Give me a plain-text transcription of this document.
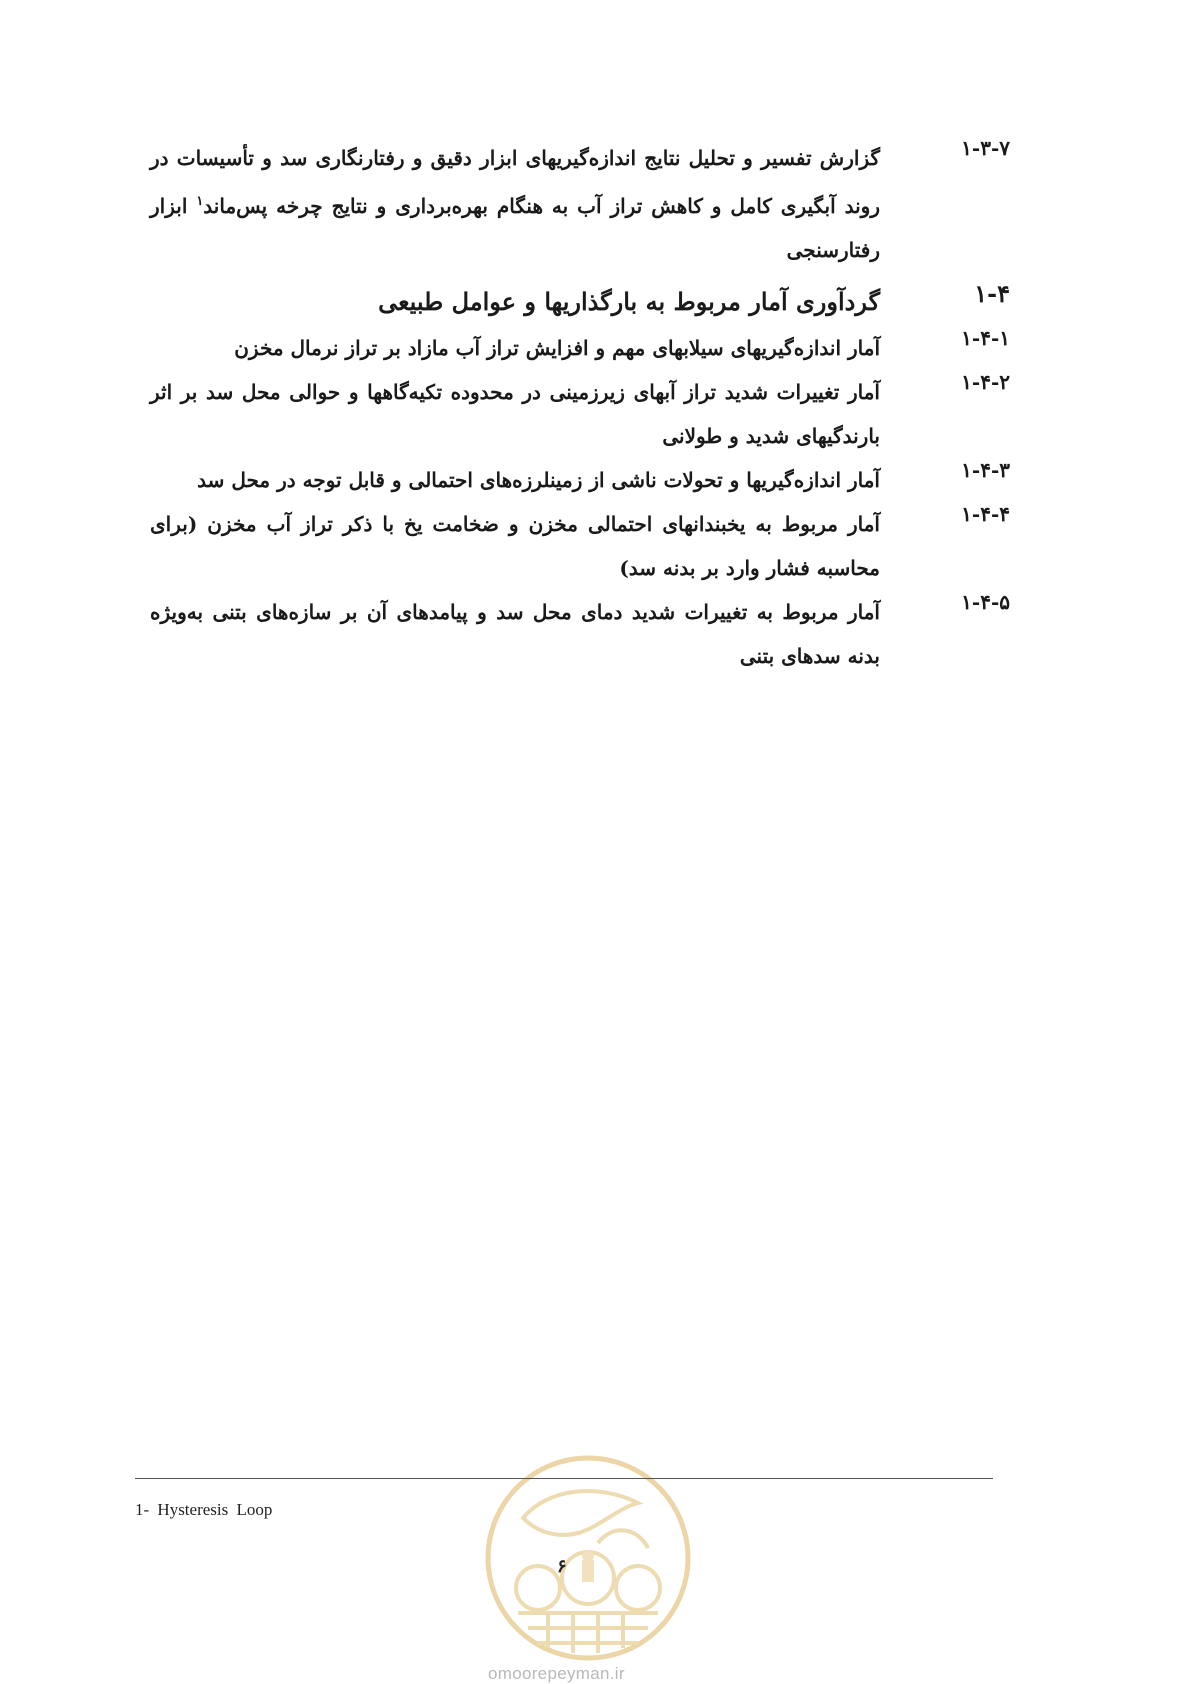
۱-۳-۷
گزارش تفسیر و تحلیل نتایج اندازه‌گیریهای ابزار دقیق و رفتارنگاری سد و تأسیسات در روند آبگیری کامل و کاهش تراز آب به هنگام بهره‌برداری و نتایج چرخه پس‌ماند$^۱$ ابزار رفتارسنجی
۱-۴
گردآوری آمار مربوط به بارگذاریها و عوامل طبیعی
۱-۴-۱
آمار اندازه‌گیریهای سیلابهای مهم و افزایش تراز آب مازاد بر تراز نرمال مخزن
۱-۴-۲
آمار تغییرات شدید تراز آبهای زیرزمینی در محدوده تکیه‌گاهها و حوالی محل سد بر اثر بارندگیهای شدید و طولانی
۱-۴-۳
آمار اندازه‌گیریها و تحولات ناشی از زمینلرزه‌های احتمالی و قابل توجه در محل سد
۱-۴-۴
آمار مربوط به یخبندانهای احتمالی مخزن و ضخامت یخ با ذکر تراز آب مخزن (برای محاسبه فشار وارد بر بدنه سد)
۱-۴-۵
آمار مربوط به تغییرات شدید دمای محل سد و پیامدهای آن بر سازه‌های بتنی به‌ویژه بدنه سدهای بتنی
1- Hysteresis Loop
۶
omoorepeyman.ir
